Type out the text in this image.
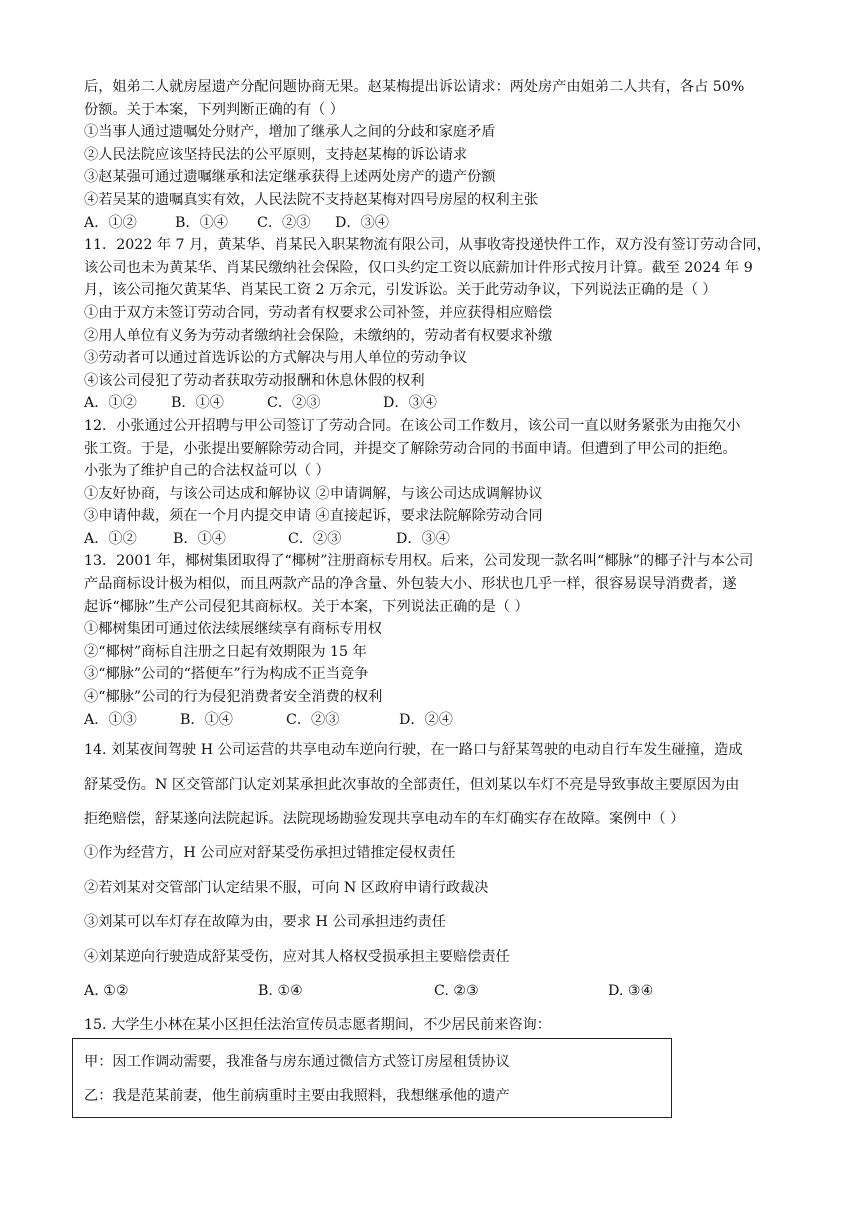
后，姐弟二人就房屋遗产分配问题协商无果。赵某梅提出诉讼请求：两处房产由姐弟二人共有，各占 50%
份额。关于本案，下列判断正确的有（ ）
①当事人通过遗嘱处分财产，增加了继承人之间的分歧和家庭矛盾
②人民法院应该坚持民法的公平原则，支持赵某梅的诉讼请求
③赵某强可通过遗嘱继承和法定继承获得上述两处房产的遗产份额
④若吴某的遗嘱真实有效，人民法院不支持赵某梅对四号房屋的权利主张
A．①②	B．①④	C．②③	D．③④
11．2022 年 7 月，黄某华、肖某民入职某物流有限公司，从事收寄投递快件工作，双方没有签订劳动合同，
该公司也未为黄某华、肖某民缴纳社会保险，仅口头约定工资以底薪加计件形式按月计算。截至 2024 年 9
月，该公司拖欠黄某华、肖某民工资 2 万余元，引发诉讼。关于此劳动争议，下列说法正确的是（ ）
①由于双方未签订劳动合同，劳动者有权要求公司补签，并应获得相应赔偿
②用人单位有义务为劳动者缴纳社会保险，未缴纳的，劳动者有权要求补缴
③劳动者可以通过首选诉讼的方式解决与用人单位的劳动争议
④该公司侵犯了劳动者获取劳动报酬和休息休假的权利
A．①②	B．①④	C．②③	D．③④
12．小张通过公开招聘与甲公司签订了劳动合同。在该公司工作数月，该公司一直以财务紧张为由拖欠小
张工资。于是，小张提出要解除劳动合同，并提交了解除劳动合同的书面申请。但遭到了甲公司的拒绝。
小张为了维护自己的合法权益可以（ ）
①友好协商，与该公司达成和解协议 ②申请调解，与该公司达成调解协议
③申请仲裁，须在一个月内提交申请 ④直接起诉，要求法院解除劳动合同
A．①②	B．①④	C．②③	D．③④
13．2001 年，椰树集团取得了“椰树”注册商标专用权。后来，公司发现一款名叫“椰脉”的椰子汁与本公司
产品商标设计极为相似，而且两款产品的净含量、外包装大小、形状也几乎一样，很容易误导消费者，遂
起诉“椰脉”生产公司侵犯其商标权。关于本案，下列说法正确的是（ ）
①椰树集团可通过依法续展继续享有商标专用权
②“椰树”商标自注册之日起有效期限为 15 年
③“椰脉”公司的“搭便车”行为构成不正当竞争
④“椰脉”公司的行为侵犯消费者安全消费的权利
A．①③	B．①④	C．②③	D．②④
14. 刘某夜间驾驶 H 公司运营的共享电动车逆向行驶，在一路口与舒某驾驶的电动自行车发生碰撞，造成
舒某受伤。N 区交管部门认定刘某承担此次事故的全部责任，但刘某以车灯不亮是导致事故主要原因为由
拒绝赔偿，舒某遂向法院起诉。法院现场勘验发现共享电动车的车灯确实存在故障。案例中（ ）
①作为经营方，H 公司应对舒某受伤承担过错推定侵权责任
②若刘某对交管部门认定结果不服，可向 N 区政府申请行政裁决
③刘某可以车灯存在故障为由，要求 H 公司承担违约责任
④刘某逆向行驶造成舒某受伤，应对其人格权受损承担主要赔偿责任
A. ①②	B. ①④	C. ②③	D. ③④
15. 大学生小林在某小区担任法治宣传员志愿者期间，不少居民前来咨询：
甲：因工作调动需要，我准备与房东通过微信方式签订房屋租赁协议
乙：我是范某前妻，他生前病重时主要由我照料，我想继承他的遗产
